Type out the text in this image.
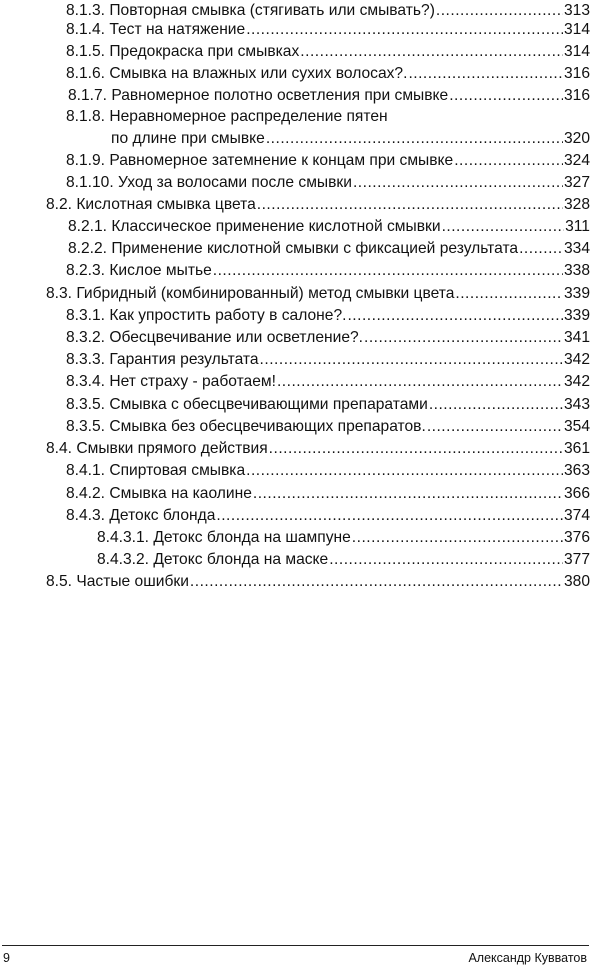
8.1.3. Повторная смывка (стягивать или смывать?) .....	313
8.1.4. Тест на натяжение .....	314
8.1.5. Предокраска при смывках .....	314
8.1.6. Смывка на влажных или сухих волосах?. .....	316
8.1.7. Равномерное полотно осветления при смывке .....	316
8.1.8. Неравномерное распределение пятен
по длине при смывке .....	320
8.1.9. Равномерное затемнение к концам при смывке .....	324
8.1.10. Уход за волосами после смывки .....	327
8.2. Кислотная смывка цвета .....	328
8.2.1. Классическое применение кислотной смывки .....	311
8.2.2. Применение кислотной смывки с фиксацией результата .....	334
8.2.3. Кислое мытье .....	338
8.3. Гибридный (комбинированный) метод смывки цвета .....	339
8.3.1. Как упростить работу в салоне?. .....	339
8.3.2. Обесцвечивание или осветление?. .....	341
8.3.3. Гарантия результата .....	342
8.3.4. Нет страху - работаем! .....	342
8.3.5. Смывка с обесцвечивающими препаратами .....	343
8.3.5. Смывка без обесцвечивающих препаратов. .....	354
8.4. Смывки прямого действия .....	361
8.4.1. Спиртовая смывка .....	363
8.4.2. Смывка на каолине .....	366
8.4.3. Детокс блонда .....	374
8.4.3.1. Детокс блонда на шампуне .....	376
8.4.3.2. Детокс блонда на маске .....	377
8.5. Частые ошибки .....	380
9	Александр Кувватов
